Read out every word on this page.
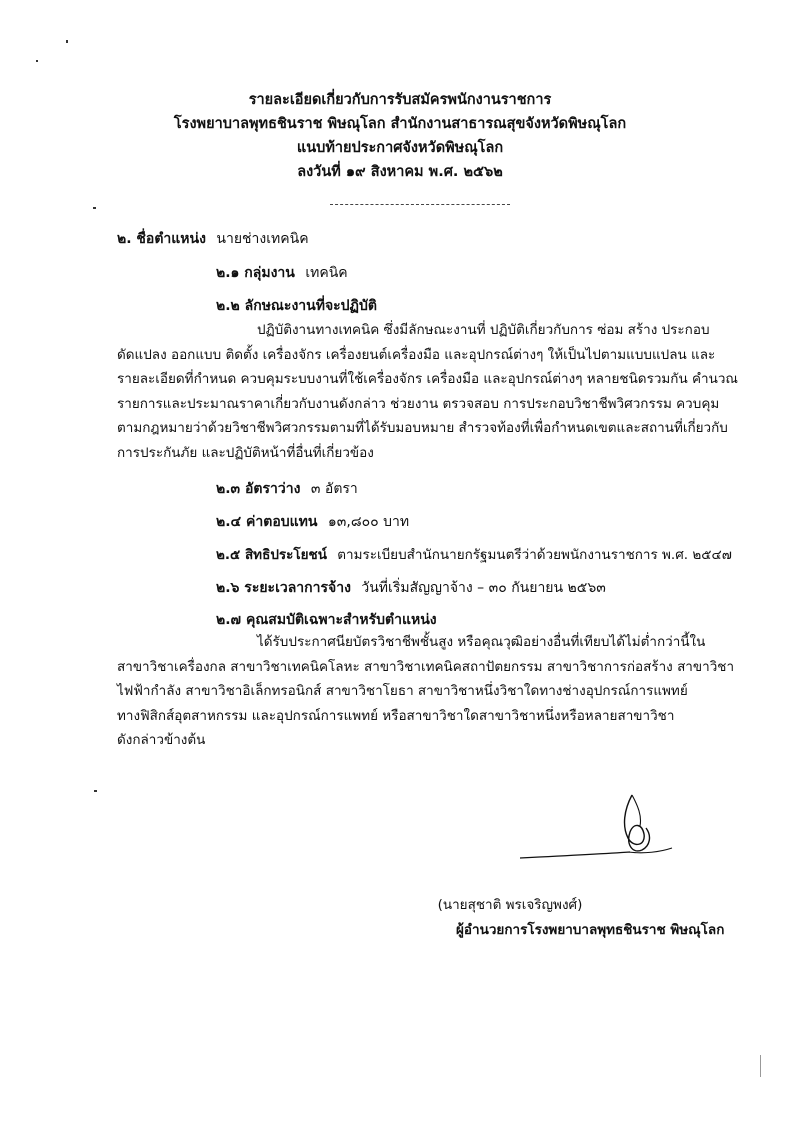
รายละเอียดเกี่ยวกับการรับสมัครพนักงานราชการ
โรงพยาบาลพุทธชินราช พิษณุโลก สำนักงานสาธารณสุขจังหวัดพิษณุโลก
แนบท้ายประกาศจังหวัดพิษณุโลก
ลงวันที่ ๑๙ สิงหาคม พ.ศ. ๒๕๖๒
๒. ชื่อตำแหน่ง นายช่างเทคนิค
๒.๑ กลุ่มงาน เทคนิค
๒.๒ ลักษณะงานที่จะปฏิบัติ
ปฏิบัติงานทางเทคนิค ซึ่งมีลักษณะงานที่ ปฏิบัติเกี่ยวกับการ ซ่อม สร้าง ประกอบ
ดัดแปลง ออกแบบ ติดตั้ง เครื่องจักร เครื่องยนต์เครื่องมือ และอุปกรณ์ต่างๆ ให้เป็นไปตามแบบแปลน และ
รายละเอียดที่กำหนด ควบคุมระบบงานที่ใช้เครื่องจักร เครื่องมือ และอุปกรณ์ต่างๆ หลายชนิดรวมกัน คำนวณ
รายการและประมาณราคาเกี่ยวกับงานดังกล่าว ช่วยงาน ตรวจสอบ การประกอบวิชาชีพวิศวกรรม ควบคุม
ตามกฎหมายว่าด้วยวิชาชีพวิศวกรรมตามที่ได้รับมอบหมาย สำรวจท้องที่เพื่อกำหนดเขตและสถานที่เกี่ยวกับ
การประกันภัย และปฏิบัติหน้าที่อื่นที่เกี่ยวข้อง
๒.๓ อัตราว่าง ๓ อัตรา
๒.๔ ค่าตอบแทน ๑๓,๘๐๐ บาท
๒.๕ สิทธิประโยชน์ ตามระเบียบสำนักนายกรัฐมนตรีว่าด้วยพนักงานราชการ พ.ศ. ๒๕๔๗
๒.๖ ระยะเวลาการจ้าง วันที่เริ่มสัญญาจ้าง – ๓๐ กันยายน ๒๕๖๓
๒.๗ คุณสมบัติเฉพาะสำหรับตำแหน่ง
ได้รับประกาศนียบัตรวิชาชีพชั้นสูง หรือคุณวุฒิอย่างอื่นที่เทียบได้ไม่ต่ำกว่านี้ใน
สาขาวิชาเครื่องกล สาขาวิชาเทคนิคโลหะ สาขาวิชาเทคนิคสถาปัตยกรรม สาขาวิชาการก่อสร้าง สาขาวิชา
ไฟฟ้ากำลัง สาขาวิชาอิเล็กทรอนิกส์ สาขาวิชาโยธา สาขาวิชาหนึ่งวิชาใดทางช่างอุปกรณ์การแพทย์
ทางฟิสิกส์อุตสาหกรรม และอุปกรณ์การแพทย์ หรือสาขาวิชาใดสาขาวิชาหนึ่งหรือหลายสาขาวิชา
ดังกล่าวข้างต้น
(นายสุชาติ พรเจริญพงศ์)
ผู้อำนวยการโรงพยาบาลพุทธชินราช พิษณุโลก
